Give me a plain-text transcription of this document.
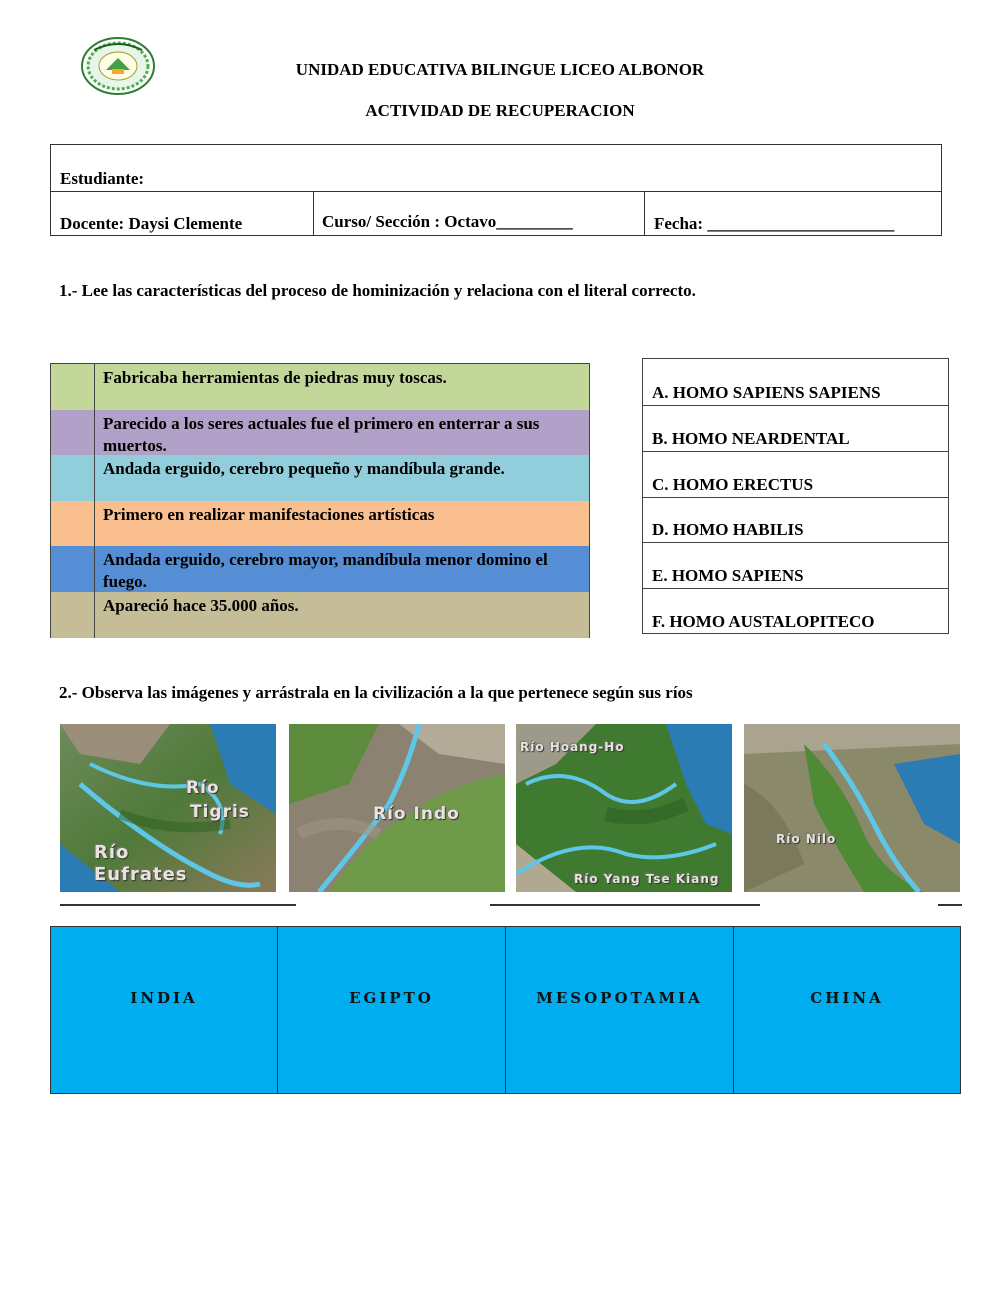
UNIDAD EDUCATIVA BILINGUE LICEO ALBONOR
ACTIVIDAD DE RECUPERACION
Estudiante:
Docente: Daysi Clemente	Curso/ Sección : Octavo_________	Fecha: ______________________
1.- Lee las características del proceso de hominización y relaciona con el literal correcto.
Fabricaba herramientas de piedras muy toscas.
Parecido a los seres actuales fue el primero en enterrar a sus muertos.
Andada erguido, cerebro pequeño y mandíbula grande.
Primero en realizar manifestaciones artísticas
Andada erguido, cerebro mayor, mandíbula menor domino el fuego.
Apareció hace 35.000 años.
A. HOMO SAPIENS SAPIENS
B. HOMO NEARDENTAL
C. HOMO ERECTUS
D. HOMO HABILIS
E. HOMO SAPIENS
F. HOMO AUSTALOPITECO
2.- Observa las imágenes y arrástrala en la civilización a la que pertenece según sus ríos
Río
Tigris
Río
Eufrates
Río Indo
Río Hoang-Ho
Río Yang Tse Kiang
Río Nilo
INDIA	EGIPTO	MESOPOTAMIA	CHINA
